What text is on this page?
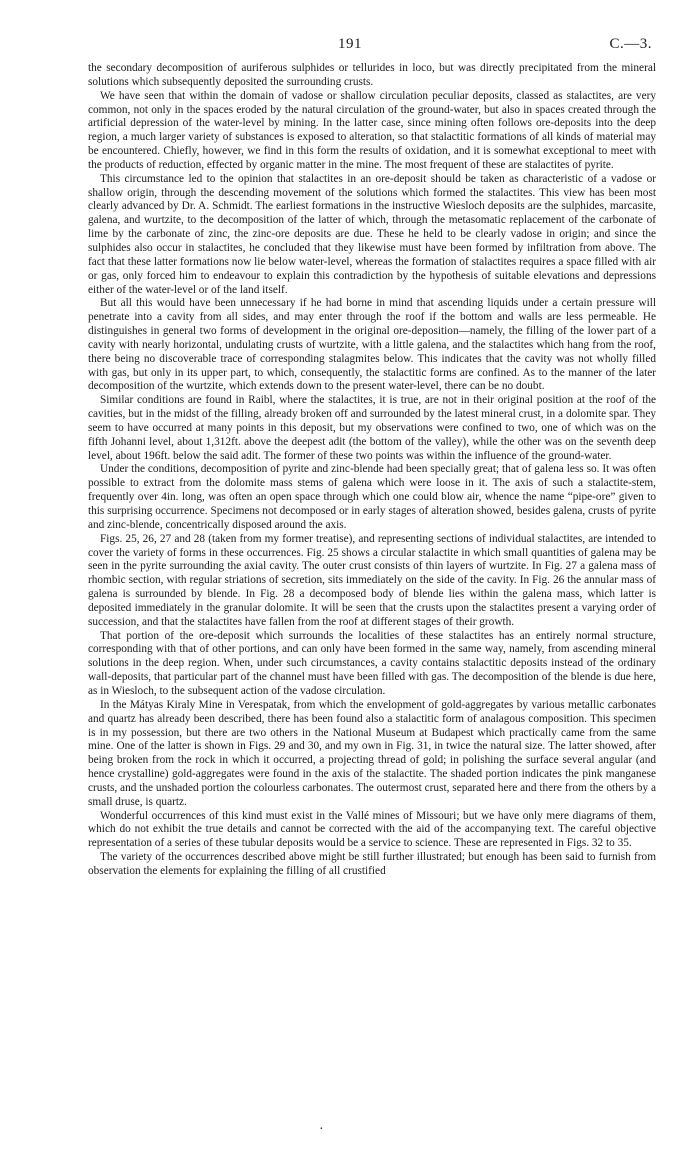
191	C.—3.

the secondary decomposition of auriferous sulphides or tellurides in loco, but was directly precipitated from the mineral solutions which subsequently deposited the surrounding crusts.

We have seen that within the domain of vadose or shallow circulation peculiar deposits, classed as stalactites, are very common, not only in the spaces eroded by the natural circulation of the ground-water, but also in spaces created through the artificial depression of the water-level by mining. In the latter case, since mining often follows ore-deposits into the deep region, a much larger variety of substances is exposed to alteration, so that stalactitic formations of all kinds of material may be encountered. Chiefly, however, we find in this form the results of oxidation, and it is somewhat exceptional to meet with the products of reduction, effected by organic matter in the mine. The most frequent of these are stalactites of pyrite.

This circumstance led to the opinion that stalactites in an ore-deposit should be taken as characteristic of a vadose or shallow origin, through the descending movement of the solutions which formed the stalactites. This view has been most clearly advanced by Dr. A. Schmidt. The earliest formations in the instructive Wiesloch deposits are the sulphides, marcasite, galena, and wurtzite, to the decomposition of the latter of which, through the metasomatic replacement of the carbonate of lime by the carbonate of zinc, the zinc-ore deposits are due. These he held to be clearly vadose in origin; and since the sulphides also occur in stalactites, he concluded that they likewise must have been formed by infiltration from above. The fact that these latter formations now lie below water-level, whereas the formation of stalactites requires a space filled with air or gas, only forced him to endeavour to explain this contradiction by the hypothesis of suitable elevations and depressions either of the water-level or of the land itself.

But all this would have been unnecessary if he had borne in mind that ascending liquids under a certain pressure will penetrate into a cavity from all sides, and may enter through the roof if the bottom and walls are less permeable. He distinguishes in general two forms of development in the original ore-deposition—namely, the filling of the lower part of a cavity with nearly horizontal, undulating crusts of wurtzite, with a little galena, and the stalactites which hang from the roof, there being no discoverable trace of corresponding stalagmites below. This indicates that the cavity was not wholly filled with gas, but only in its upper part, to which, consequently, the stalactitic forms are confined. As to the manner of the later decomposition of the wurtzite, which extends down to the present water-level, there can be no doubt.

Similar conditions are found in Raibl, where the stalactites, it is true, are not in their original position at the roof of the cavities, but in the midst of the filling, already broken off and surrounded by the latest mineral crust, in a dolomite spar. They seem to have occurred at many points in this deposit, but my observations were confined to two, one of which was on the fifth Johanni level, about 1,312ft. above the deepest adit (the bottom of the valley), while the other was on the seventh deep level, about 196ft. below the said adit. The former of these two points was within the influence of the ground-water.

Under the conditions, decomposition of pyrite and zinc-blende had been specially great; that of galena less so. It was often possible to extract from the dolomite mass stems of galena which were loose in it. The axis of such a stalactite-stem, frequently over 4in. long, was often an open space through which one could blow air, whence the name “pipe-ore” given to this surprising occurrence. Specimens not decomposed or in early stages of alteration showed, besides galena, crusts of pyrite and zinc-blende, concentrically disposed around the axis.

Figs. 25, 26, 27 and 28 (taken from my former treatise), and representing sections of individual stalactites, are intended to cover the variety of forms in these occurrences. Fig. 25 shows a circular stalactite in which small quantities of galena may be seen in the pyrite surrounding the axial cavity. The outer crust consists of thin layers of wurtzite. In Fig. 27 a galena mass of rhombic section, with regular striations of secretion, sits immediately on the side of the cavity. In Fig. 26 the annular mass of galena is surrounded by blende. In Fig. 28 a decomposed body of blende lies within the galena mass, which latter is deposited immediately in the granular dolomite. It will be seen that the crusts upon the stalactites present a varying order of succession, and that the stalactites have fallen from the roof at different stages of their growth.

That portion of the ore-deposit which surrounds the localities of these stalactites has an entirely normal structure, corresponding with that of other portions, and can only have been formed in the same way, namely, from ascending mineral solutions in the deep region. When, under such circumstances, a cavity contains stalactitic deposits instead of the ordinary wall-deposits, that particular part of the channel must have been filled with gas. The decomposition of the blende is due here, as in Wiesloch, to the subsequent action of the vadose circulation.

In the Mátyas Kiraly Mine in Verespatak, from which the envelopment of gold-aggregates by various metallic carbonates and quartz has already been described, there has been found also a stalactitic form of analagous composition. This specimen is in my possession, but there are two others in the National Museum at Budapest which practically came from the same mine. One of the latter is shown in Figs. 29 and 30, and my own in Fig. 31, in twice the natural size. The latter showed, after being broken from the rock in which it occurred, a projecting thread of gold; in polishing the surface several angular (and hence crystalline) gold-aggregates were found in the axis of the stalactite. The shaded portion indicates the pink manganese crusts, and the unshaded portion the colourless carbonates. The outermost crust, separated here and there from the others by a small druse, is quartz.

Wonderful occurrences of this kind must exist in the Vallé mines of Missouri; but we have only mere diagrams of them, which do not exhibit the true details and cannot be corrected with the aid of the accompanying text. The careful objective representation of a series of these tubular deposits would be a service to science. These are represented in Figs. 32 to 35.

The variety of the occurrences described above might be still further illustrated; but enough has been said to furnish from observation the elements for explaining the filling of all crustified

·
